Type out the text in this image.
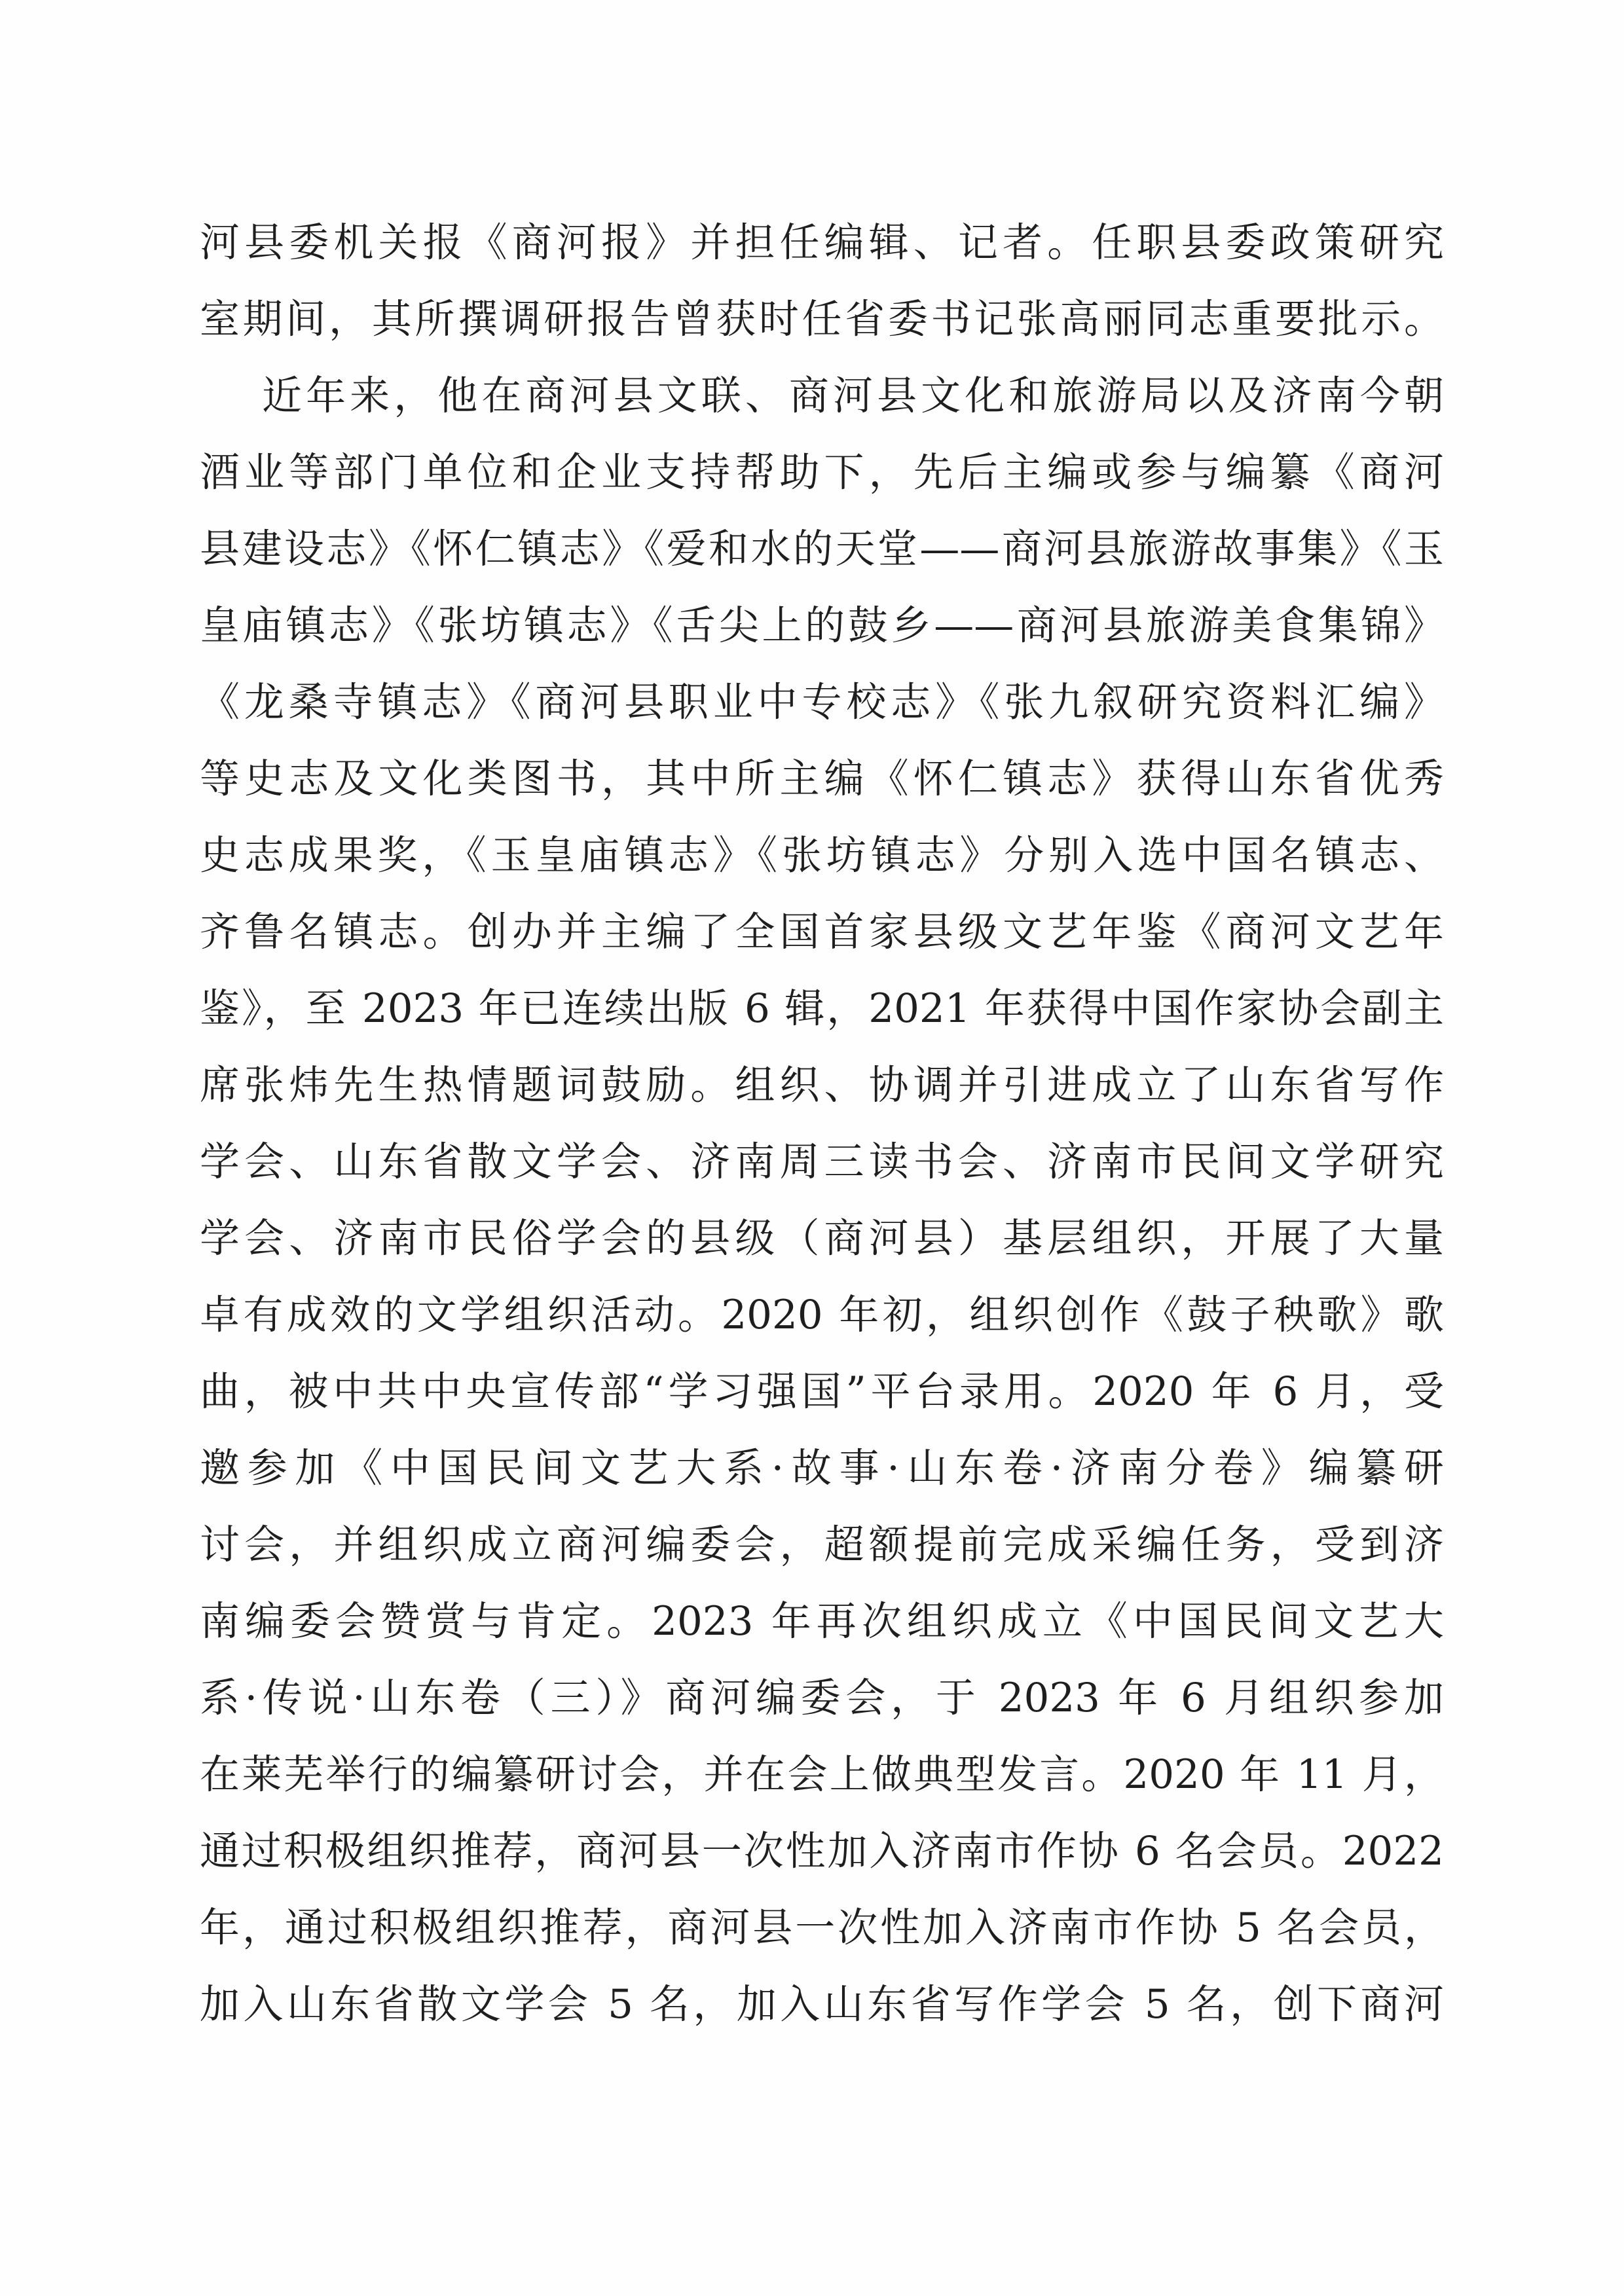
河县委机关报《商河报》并担任编辑、记者。任职县委政策研究
室期间，其所撰调研报告曾获时任省委书记张高丽同志重要批示。
近年来，他在商河县文联、商河县文化和旅游局以及济南今朝
酒业等部门单位和企业支持帮助下，先后主编或参与编纂《商河
县建设志》《怀仁镇志》《爱和水的天堂——商河县旅游故事集》《玉
皇庙镇志》《张坊镇志》《舌尖上的鼓乡——商河县旅游美食集锦》
《龙桑寺镇志》《商河县职业中专校志》《张九叙研究资料汇编》
等史志及文化类图书，其中所主编《怀仁镇志》获得山东省优秀
史志成果奖，《玉皇庙镇志》《张坊镇志》分别入选中国名镇志、
齐鲁名镇志。创办并主编了全国首家县级文艺年鉴《商河文艺年
鉴》，至 2023 年已连续出版 6 辑，2021 年获得中国作家协会副主
席张炜先生热情题词鼓励。组织、协调并引进成立了山东省写作
学会、山东省散文学会、济南周三读书会、济南市民间文学研究
学会、济南市民俗学会的县级（商河县）基层组织，开展了大量
卓有成效的文学组织活动。2020 年初，组织创作《鼓子秧歌》歌
曲，被中共中央宣传部“学习强国”平台录用。2020 年 6 月，受
邀参加《中国民间文艺大系·故事·山东卷·济南分卷》编纂研
讨会，并组织成立商河编委会，超额提前完成采编任务，受到济
南编委会赞赏与肯定。2023 年再次组织成立《中国民间文艺大
系·传说·山东卷（三）》商河编委会，于 2023 年 6 月组织参加
在莱芜举行的编纂研讨会，并在会上做典型发言。2020 年 11 月，
通过积极组织推荐，商河县一次性加入济南市作协 6 名会员。2022
年，通过积极组织推荐，商河县一次性加入济南市作协 5 名会员，
加入山东省散文学会 5 名，加入山东省写作学会 5 名，创下商河
